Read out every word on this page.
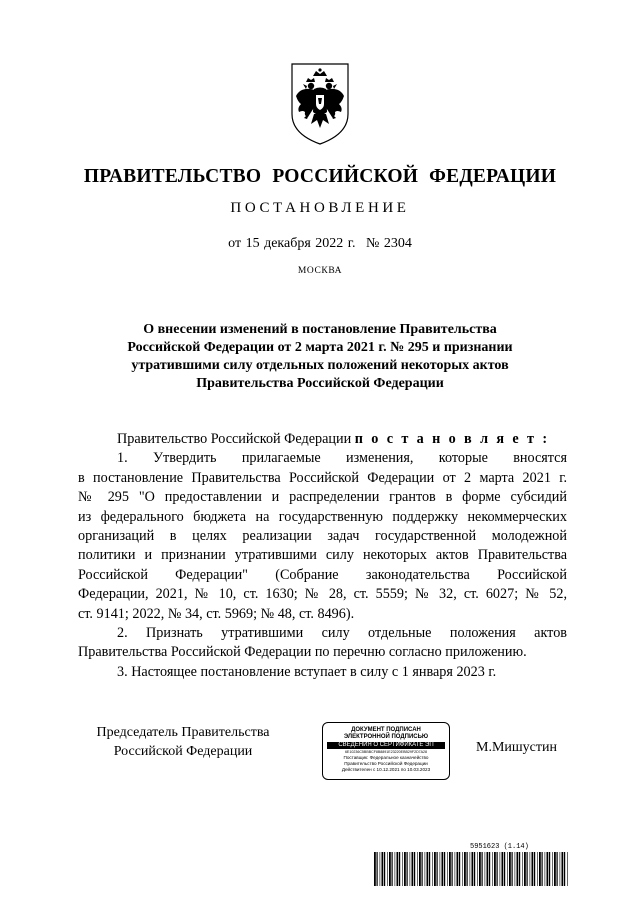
ПРАВИТЕЛЬСТВО РОССИЙСКОЙ ФЕДЕРАЦИИ
ПОСТАНОВЛЕНИЕ
от 15 декабря 2022 г. № 2304
МОСКВА
О внесении изменений в постановление Правительства
Российской Федерации от 2 марта 2021 г. № 295 и признании
утратившими силу отдельных положений некоторых актов
Правительства Российской Федерации

Правительство Российской Федерации п о с т а н о в л я е т :

1. Утвердить прилагаемые изменения, которые вносятся
в постановление Правительства Российской Федерации от 2 марта 2021 г.
№ 295 "О предоставлении и распределении грантов в форме субсидий
из федерального бюджета на государственную поддержку некоммерческих
организаций в целях реализации задач государственной молодежной
политики и признании утратившими силу некоторых актов Правительства
Российской Федерации" (Собрание законодательства Российской
Федерации, 2021, № 10, ст. 1630; № 28, ст. 5559; № 32, ст. 6027; № 52,
ст. 9141; 2022, № 34, ст. 5969; № 48, ст. 8496).

2. Признать утратившими силу отдельные положения актов
Правительства Российской Федерации по перечню согласно приложению.

3. Настоящее постановление вступает в силу с 1 января 2023 г.

Председатель Правительства
Российской Федерации
ДОКУМЕНТ ПОДПИСАН
ЭЛЕКТРОННОЙ ПОДПИСЬЮ
СВЕДЕНИЯ О СЕРТИФИКАТЕ ЭП
6E10236C5BBBCF8B8891E23220EBB29F2D7A28
Поставщик: Федеральное казначейство
Правительство Российской Федерации
Действителен с 10.12.2021 по 10.03.2023
М.Мишустин
5951623 (1.14)
